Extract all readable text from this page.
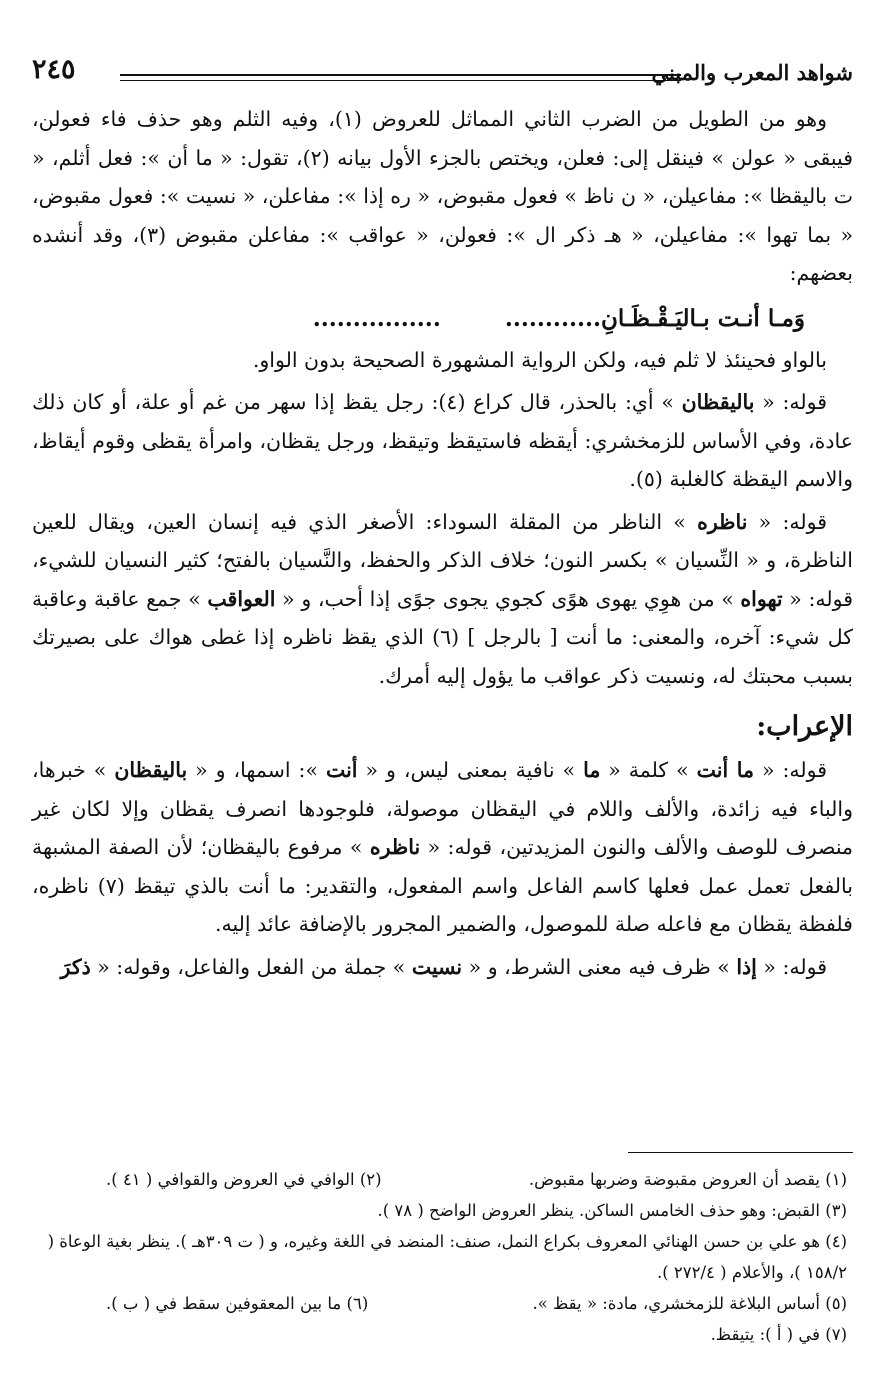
شواهد المعرب والمبني
٢٤٥

وهو من الطويل من الضرب الثاني المماثل للعروض (١)، وفيه الثلم وهو حذف فاء فعولن، فيبقى « عولن » فينقل إلى: فعلن، ويختص بالجزء الأول بيانه (٢)، تقول: « ما أن »: فعل أثلم، « ت باليقظا »: مفاعيلن، « ن ناظ » فعول مقبوض، « ره إذا »: مفاعلن، « نسيت »: فعول مقبوض، « بما تهوا »: مفاعيلن، « هـ ذكر ال »: فعولن، « عواقب »: مفاعلن مقبوض (٣)، وقد أنشده بعضهم:

وَمـا أنـت بـاليَـقْـظَـانِ............        ................

بالواو فحينئذ لا ثلم فيه، ولكن الرواية المشهورة الصحيحة بدون الواو.

قوله: « باليقظان » أي: بالحذر، قال كراع (٤): رجل يقظ إذا سهر من غم أو علة، أو كان ذلك عادة، وفي الأساس للزمخشري: أيقظه فاستيقظ وتيقظ، ورجل يقظان، وامرأة يقظى وقوم أيقاظ، والاسم اليقظة كالغلبة (٥).

قوله: « ناظره » الناظر من المقلة السوداء: الأصغر الذي فيه إنسان العين، ويقال للعين الناظرة، و « النِّسيان » بكسر النون؛ خلاف الذكر والحفظ، والنَّسيان بالفتح؛ كثير النسيان للشيء، قوله: « تهواه » من هوِي يهوى هوًى كجوي يجوى جوًى إذا أحب، و « العواقب » جمع عاقبة وعاقبة كل شيء: آخره، والمعنى: ما أنت [ بالرجل ] (٦) الذي يقظ ناظره إذا غطى هواك على بصيرتك بسبب محبتك له، ونسيت ذكر عواقب ما يؤول إليه أمرك.

الإعراب:

قوله: « ما أنت » كلمة « ما » نافية بمعنى ليس، و « أنت »: اسمها، و « باليقظان » خبرها، والباء فيه زائدة، والألف واللام في اليقظان موصولة، فلوجودها انصرف يقظان وإلا لكان غير منصرف للوصف والألف والنون المزيدتين، قوله: « ناظره » مرفوع باليقظان؛ لأن الصفة المشبهة بالفعل تعمل عمل فعلها كاسم الفاعل واسم المفعول، والتقدير: ما أنت بالذي تيقظ (٧) ناظره، فلفظة يقظان مع فاعله صلة للموصول، والضمير المجرور بالإضافة عائد إليه.

قوله: « إذا » ظرف فيه معنى الشرط، و « نسيت » جملة من الفعل والفاعل، وقوله: « ذكرَ

(١) يقصد أن العروض مقبوضة وضربها مقبوض.
(٢) الوافي في العروض والقوافي ( ٤١ ).
(٣) القبض: وهو حذف الخامس الساكن. ينظر العروض الواضح ( ٧٨ ).
(٤) هو علي بن حسن الهنائي المعروف بكراع النمل، صنف: المنضد في اللغة وغيره، و ( ت ٣٠٩هـ ). ينظر بغية الوعاة ( ١٥٨/٢ )، والأعلام ( ٢٧٢/٤ ).
(٥) أساس البلاغة للزمخشري، مادة: « يقظ ».
(٦) ما بين المعقوفين سقط في ( ب ).
(٧) في ( أ ): يتيقظ.
